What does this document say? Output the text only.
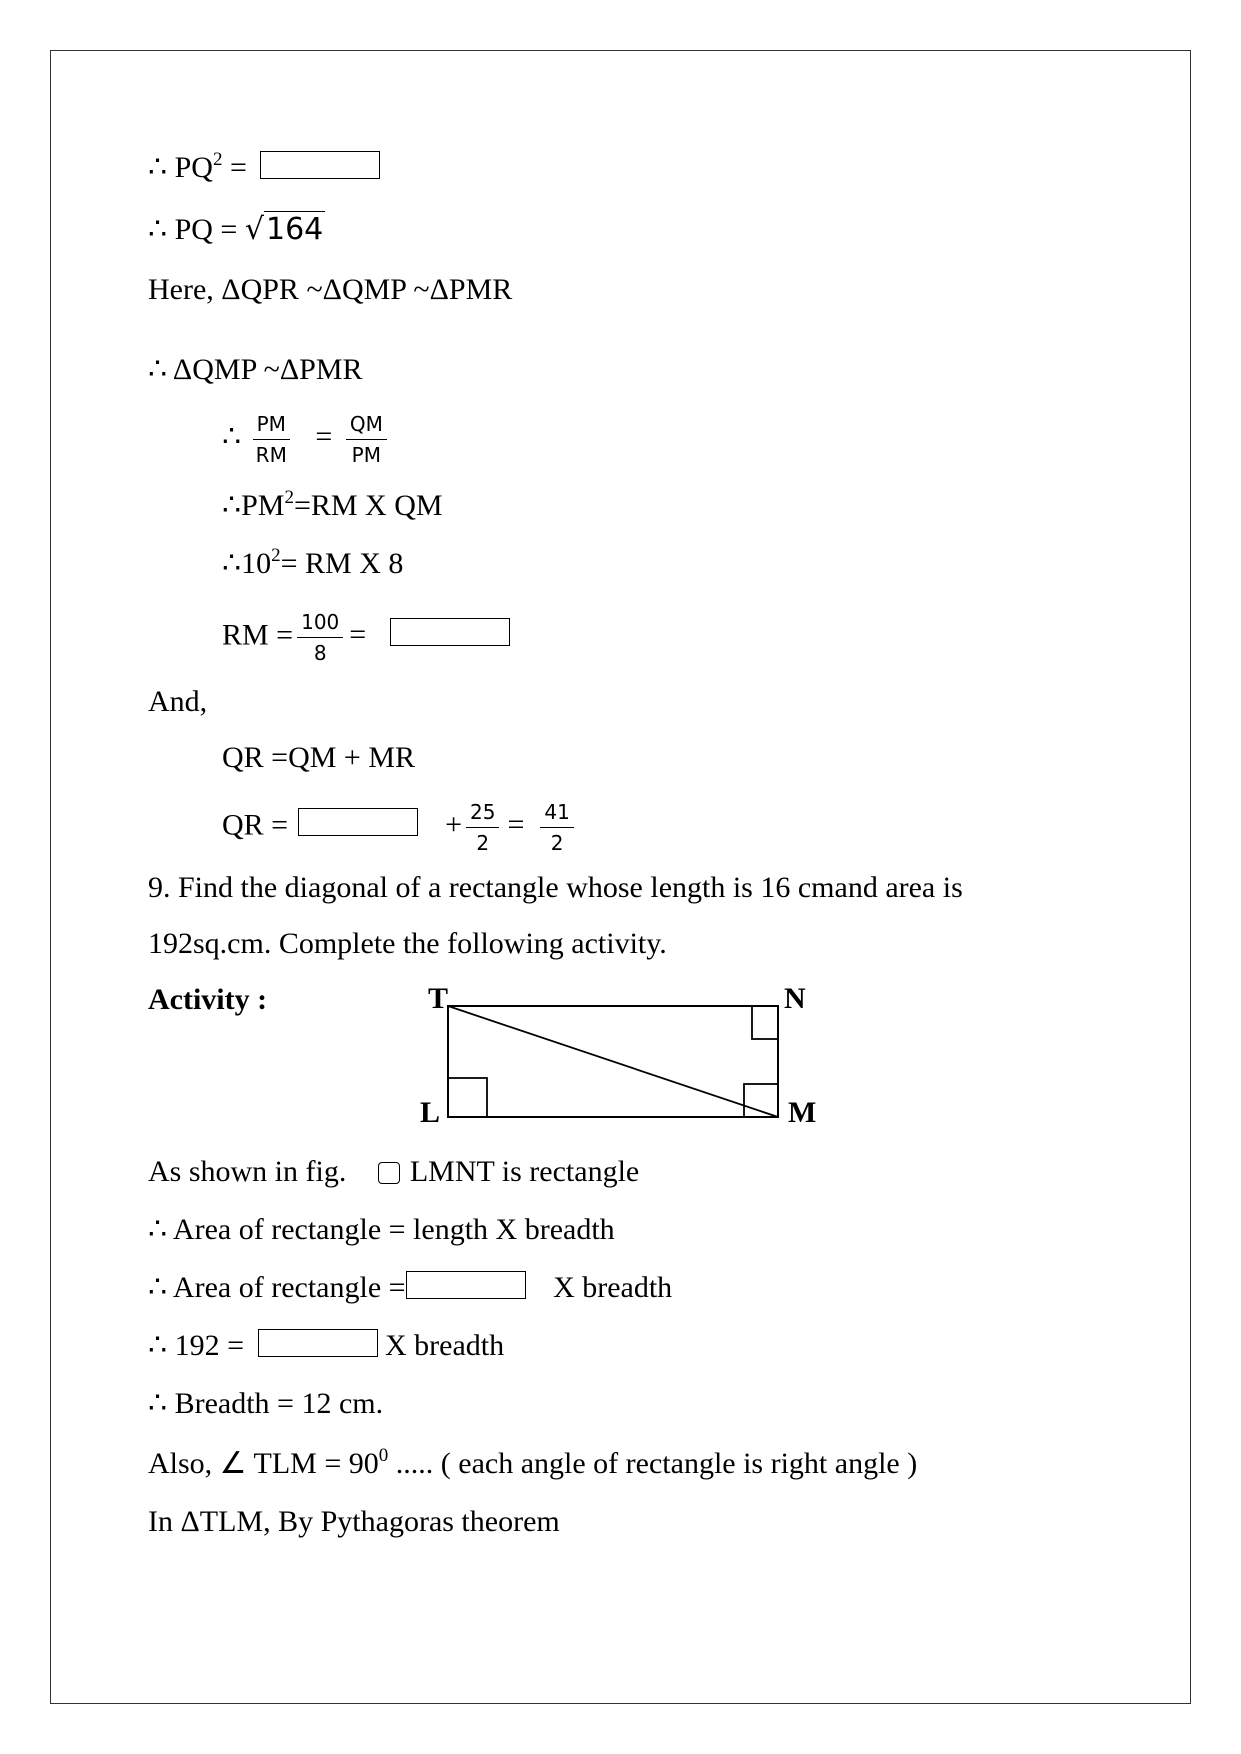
∴ $PQ^2$ =
∴ PQ = √164
Here, ΔQPR ~ΔQMP ~ΔPMR
∴ ΔQMP ~ΔPMR
∴ $\frac{PM}{RM} = \frac{QM}{PM}$
$\therefore PM^2=RM$ X QM
$\therefore 10^2=$ RM X 8
RM = $\frac{100}{8}$ =
And,
QR =QM + MR
QR =	+ $\frac{25}{2} = \frac{41}{2}$
9. Find the diagonal of a rectangle whose length is 16 cmand area is
192sq.cm. Complete the following activity.
Activity :	T	N
L	M
As shown in fig. LMNT is rectangle
∴ Area of rectangle = length X breadth
∴ Area of rectangle =	X breadth
∴ 192 =	X breadth
∴ Breadth = 12 cm.
Also, ∠ TLM = $90^0$ ..... ( each angle of rectangle is right angle )
In ΔTLM, By Pythagoras theorem
